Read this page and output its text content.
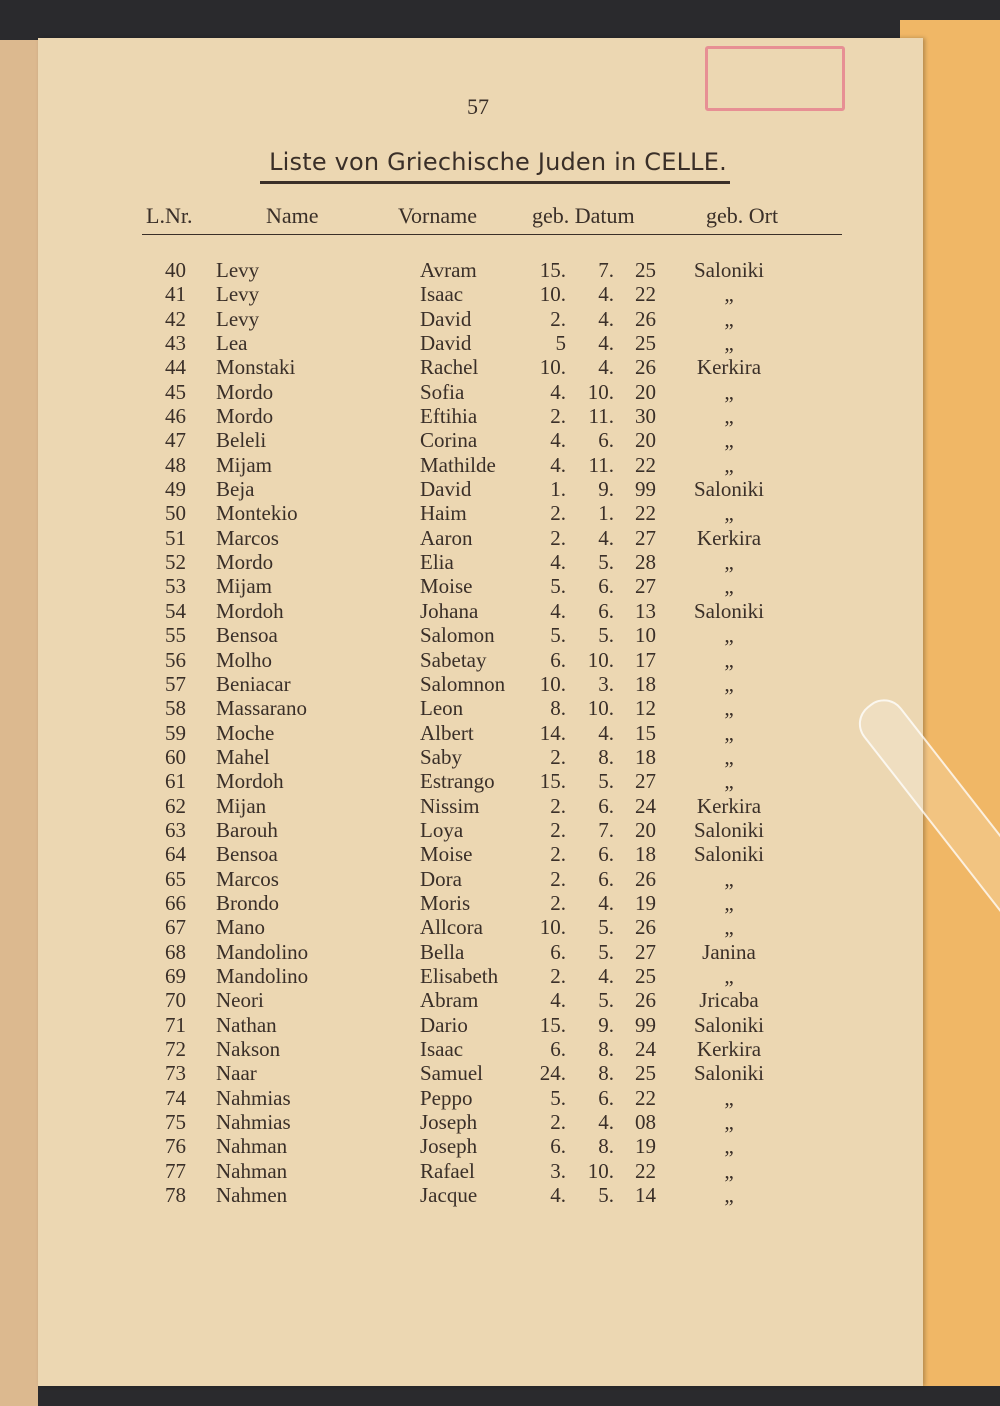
57
Liste von Griechische Juden in CELLE.
L.Nr.	Name	Vorname geb. Datum	geb. Ort
40 Levy	Avram	15.	7.	25	Saloniki
41 Levy	Isaac	10.	4.	22	„
42 Levy	David	2.	4.	26	„
43 Lea	David	5	4.	25	„
44 Monstaki	Rachel	10.	4.	26	Kerkira
45 Mordo	Sofia	4.	10.	20	„
46 Mordo	Eftihia	2.	11.	30	„
47 Beleli	Corina	4.	6.	20	„
48 Mijam	Mathilde	4.	11.	22	„
49 Beja	David	1.	9.	99	Saloniki
50 Montekio	Haim	2.	1.	22	„
51 Marcos	Aaron	2.	4.	27	Kerkira
52 Mordo	Elia	4.	5.	28	„
53 Mijam	Moise	5.	6.	27	„
54 Mordoh	Johana	4.	6.	13	Saloniki
55 Bensoa	Salomon	5.	5.	10	„
56 Molho	Sabetay	6.	10.	17	„
57 Beniacar	Salomnon	10.	3.	18	„
58 Massarano	Leon	8.	10.	12	„
59 Moche	Albert	14.	4.	15	„
60 Mahel	Saby	2.	8.	18	„
61 Mordoh	Estrango	15.	5.	27	„
62 Mijan	Nissim	2.	6.	24	Kerkira
63 Barouh	Loya	2.	7.	20	Saloniki
64 Bensoa	Moise	2.	6.	18	Saloniki
65 Marcos	Dora	2.	6.	26	„
66 Brondo	Moris	2.	4.	19	„
67 Mano	Allcora	10.	5.	26	„
68 Mandolino	Bella	6.	5.	27	Janina
69 Mandolino	Elisabeth	2.	4.	25	„
70 Neori	Abram	4.	5.	26	Jricaba
71 Nathan	Dario	15.	9.	99	Saloniki
72 Nakson	Isaac	6.	8.	24	Kerkira
73 Naar	Samuel	24.	8.	25	Saloniki
74 Nahmias	Peppo	5.	6.	22	„
75 Nahmias	Joseph	2.	4.	08	„
76 Nahman	Joseph	6.	8.	19	„
77 Nahman	Rafael	3.	10.	22	„
78 Nahmen	Jacque	4.	5.	14	„
